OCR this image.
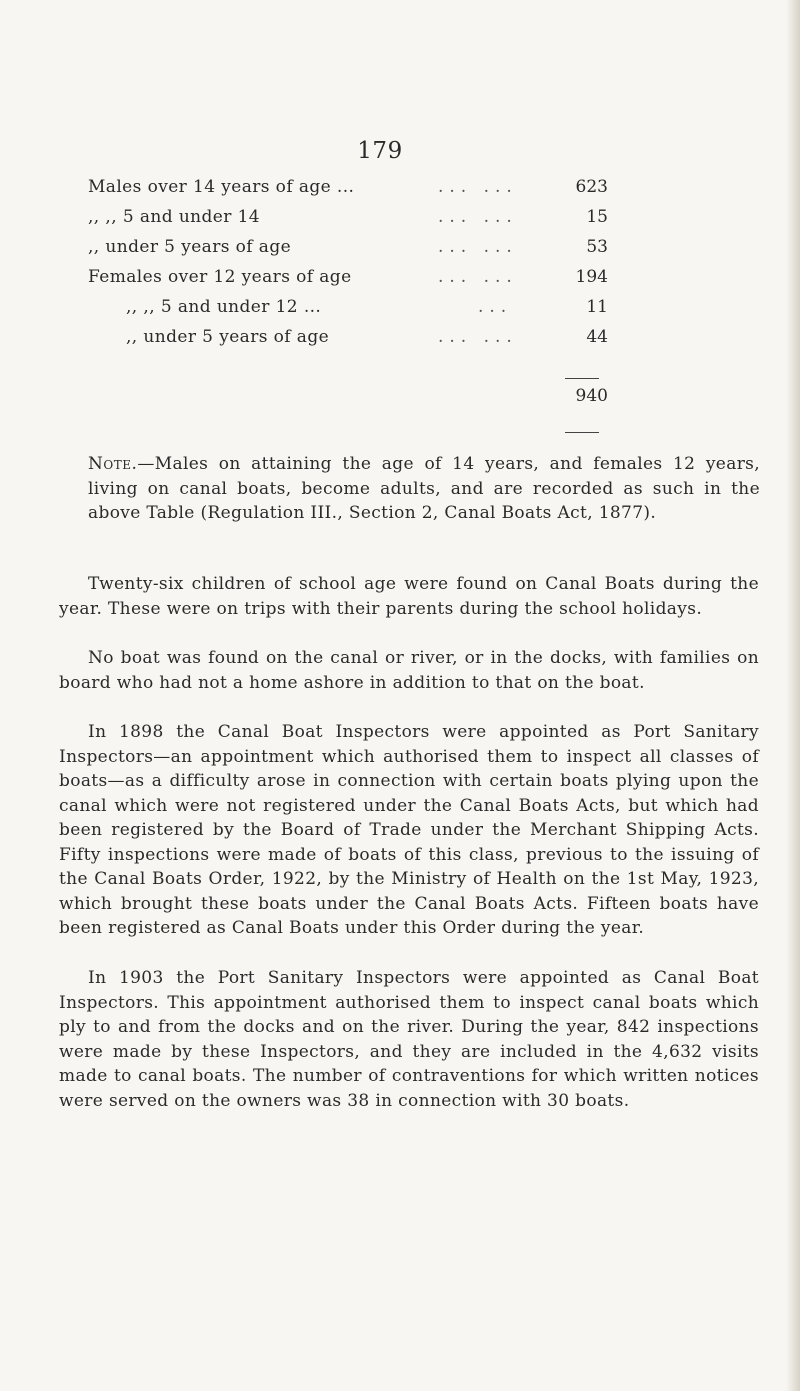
179
Males over 14 years of age ...	... ...	623
,, ,, 5 and under 14	... ...	15
,, under 5 years of age	... ...	53
Females over 12 years of age	... ...	194
,, ,, 5 and under 12 ...	...	11
,, under 5 years of age	... ...	44
940
Note.—Males on attaining the age of 14 years, and females 12 years, living on canal boats, become adults, and are recorded as such in the above Table (Regulation III., Section 2, Canal Boats Act, 1877).
Twenty-six children of school age were found on Canal Boats during the year. These were on trips with their parents during the school holidays.
No boat was found on the canal or river, or in the docks, with families on board who had not a home ashore in addition to that on the boat.
In 1898 the Canal Boat Inspectors were appointed as Port Sanitary Inspectors—an appointment which authorised them to inspect all classes of boats—as a difficulty arose in connection with certain boats plying upon the canal which were not registered under the Canal Boats Acts, but which had been registered by the Board of Trade under the Merchant Shipping Acts. Fifty inspections were made of boats of this class, previous to the issuing of the Canal Boats Order, 1922, by the Ministry of Health on the 1st May, 1923, which brought these boats under the Canal Boats Acts. Fifteen boats have been registered as Canal Boats under this Order during the year.
In 1903 the Port Sanitary Inspectors were appointed as Canal Boat Inspectors. This appointment authorised them to inspect canal boats which ply to and from the docks and on the river. During the year, 842 inspections were made by these Inspectors, and they are included in the 4,632 visits made to canal boats. The number of contraventions for which written notices were served on the owners was 38 in connection with 30 boats.
